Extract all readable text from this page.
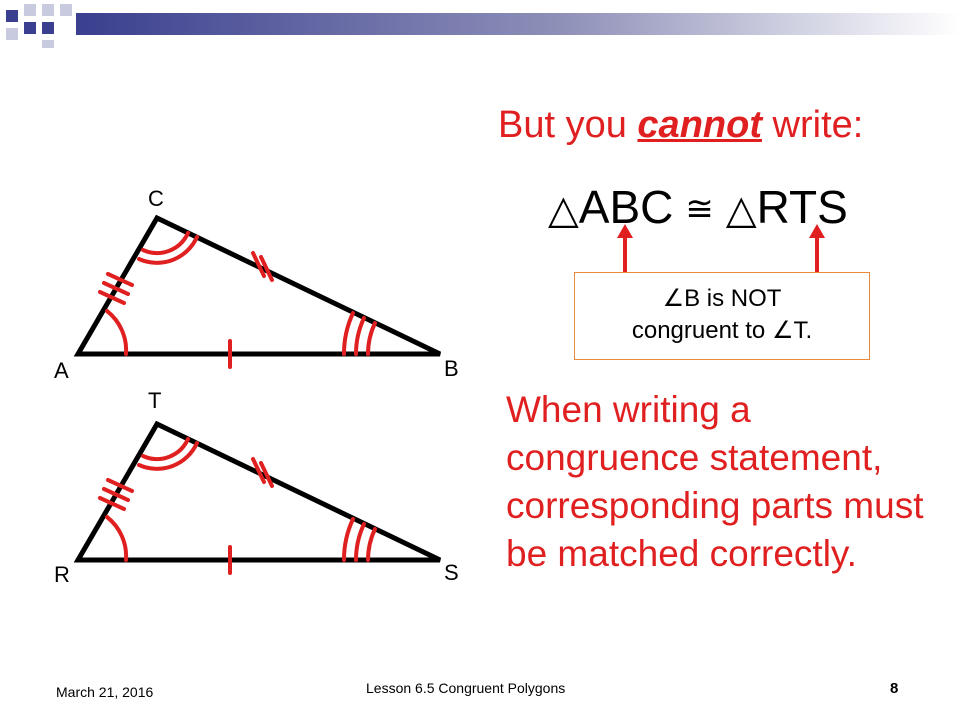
C
A	B
T
R	S
But you cannot write:
△ABC ≅ △RTS
∠B is NOT
congruent to ∠T.
When writing a congruence statement, corresponding parts must be matched correctly.
March 21, 2016	Lesson 6.5 Congruent Polygons	8
